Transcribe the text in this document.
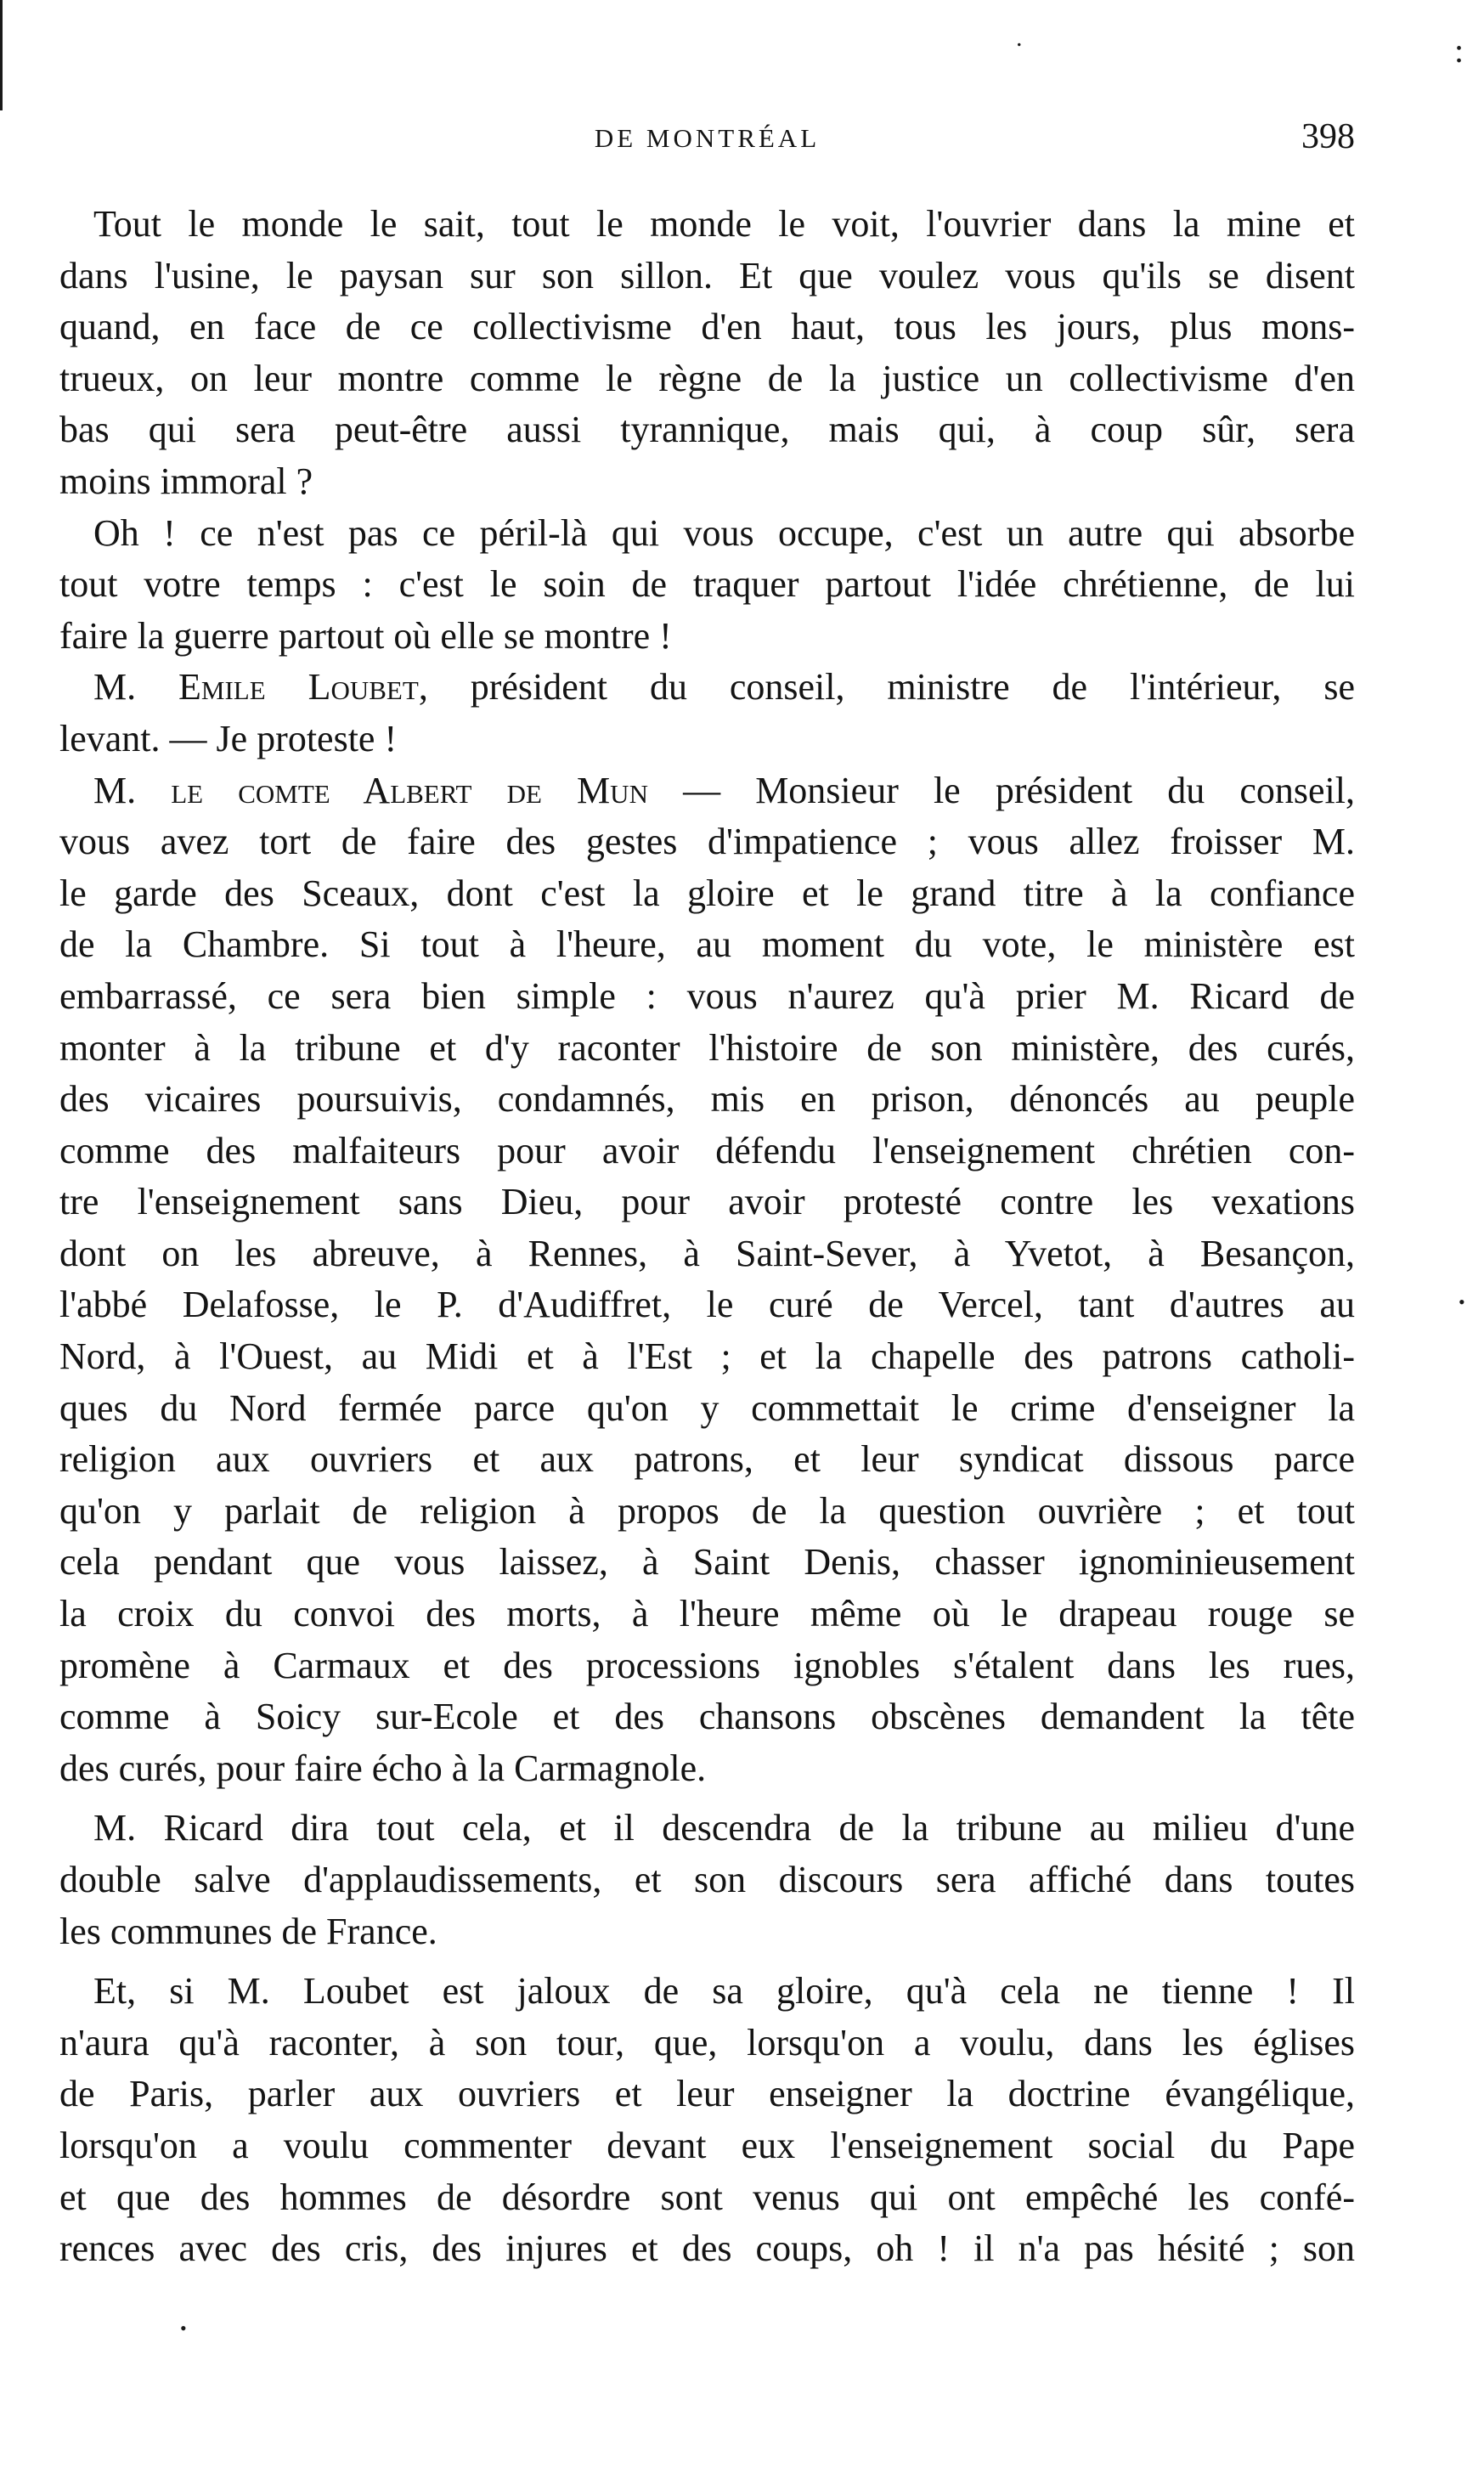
:
.
•
•
DE MONTRÉAL	398
Tout le monde le sait, tout le monde le voit, l'ouvrier dans la mine et
dans l'usine, le paysan sur son sillon. Et que voulez vous qu'ils se disent
quand, en face de ce collectivisme d'en haut, tous les jours, plus mons-
trueux, on leur montre comme le règne de la justice un collectivisme d'en
bas qui sera peut-être aussi tyrannique, mais qui, à coup sûr, sera
moins immoral ?
Oh ! ce n'est pas ce péril-là qui vous occupe, c'est un autre qui absorbe
tout votre temps : c'est le soin de traquer partout l'idée chrétienne, de lui
faire la guerre partout où elle se montre !
M. Emile Loubet, président du conseil, ministre de l'intérieur, se
levant. — Je proteste !
M. le comte Albert de Mun — Monsieur le président du conseil,
vous avez tort de faire des gestes d'impatience ; vous allez froisser M.
le garde des Sceaux, dont c'est la gloire et le grand titre à la confiance
de la Chambre. Si tout à l'heure, au moment du vote, le ministère est
embarrassé, ce sera bien simple : vous n'aurez qu'à prier M. Ricard de
monter à la tribune et d'y raconter l'histoire de son ministère, des curés,
des vicaires poursuivis, condamnés, mis en prison, dénoncés au peuple
comme des malfaiteurs pour avoir défendu l'enseignement chrétien con-
tre l'enseignement sans Dieu, pour avoir protesté contre les vexations
dont on les abreuve, à Rennes, à Saint-Sever, à Yvetot, à Besançon,
l'abbé Delafosse, le P. d'Audiffret, le curé de Vercel, tant d'autres au
Nord, à l'Ouest, au Midi et à l'Est ; et la chapelle des patrons catholi-
ques du Nord fermée parce qu'on y commettait le crime d'enseigner la
religion aux ouvriers et aux patrons, et leur syndicat dissous parce
qu'on y parlait de religion à propos de la question ouvrière ; et tout
cela pendant que vous laissez, à Saint Denis, chasser ignominieusement
la croix du convoi des morts, à l'heure même où le drapeau rouge se
promène à Carmaux et des processions ignobles s'étalent dans les rues,
comme à Soicy sur-Ecole et des chansons obscènes demandent la tête
des curés, pour faire écho à la Carmagnole.
M. Ricard dira tout cela, et il descendra de la tribune au milieu d'une
double salve d'applaudissements, et son discours sera affiché dans toutes
les communes de France.
Et, si M. Loubet est jaloux de sa gloire, qu'à cela ne tienne ! Il
n'aura qu'à raconter, à son tour, que, lorsqu'on a voulu, dans les églises
de Paris, parler aux ouvriers et leur enseigner la doctrine évangélique,
lorsqu'on a voulu commenter devant eux l'enseignement social du Pape
et que des hommes de désordre sont venus qui ont empêché les confé-
rences avec des cris, des injures et des coups, oh ! il n'a pas hésité ; son
